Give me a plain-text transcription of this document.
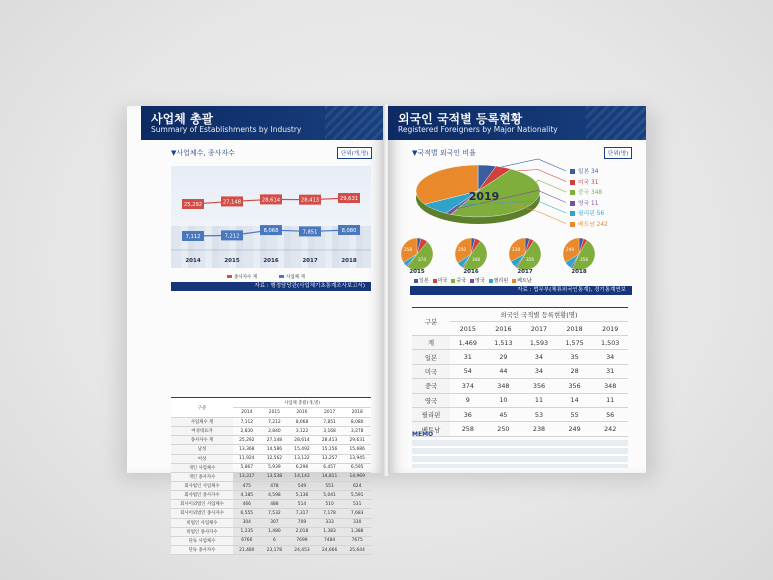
사업체 총괄
Summary of Establishments by Industry
▼사업체수, 종사자수	단위(개,명)
25,292	27,148	28,614	28,413	29,631
7,112	7,212
8,068	7,851	8,080
2014	2015	2016	2017	2018
종사자수 계	사업체 계
자료 : 행정담당관(사업체기초통계조사보고서)
구분	사업체 총괄(개,명)				
	2014	2015	2016	2017	2018
사업체수 계	7,112	7,212	8,068	7,851	8,080
여성대표자	2,830	2,840	3,122	3,168	3,278
종사자수 계	25,292	27,148	28,614	28,413	29,631
남성	13,368	14,586	15,492	15,156	15,686
여성	11,924	12,562	13,122	13,257	13,945
개인 사업체수	5,867	5,939	6,296	6,457	6,595
개인 종사자수	13,317	13,538	14,143	14,811	14,969
회사법인 사업체수	475	478	549	551	624
회사법인 종사자수	4,185	4,598	5,136	5,041	5,591
회사이외법인 사업체수	466	488	514	510	531
회사이외법인 종사자수	6,555	7,532	7,317	7,178	7,683
비법인 사업체수	304	307	709	333	330
비법인 종사자수	1,235	1,480	2,018	1,383	1,388
단독 사업체수	6766	6	7699	7484	7675
단독 종사자수	21,480	23,178	24,453	24,666	25,644
외국인 국적별 등록현황
Registered Foreigners by Major Nationality
▼국적별 외국인 비율	단위(명)
2019
일본 34
미국 31
중국 348
영국 11
필리핀 56
베트남 242
258
374
2015
250
348
2016
238
356
2017
249
356
2018
일본 미국 중국 영국 필리핀 베트남
자료 : 법무부(체류외국인통계), 경기통계연보
구분	외국인 국적별 등록현황(명)				
	2015	2016	2017	2018	2019
계	1,469	1,513	1,593	1,575	1,503
일본	31	29	34	35	34
미국	54	44	34	28	31
중국	374	348	356	356	348
영국	9	10	11	14	11
필리핀	36	45	53	55	56
베트남	258	250	238	249	242
MEMO
